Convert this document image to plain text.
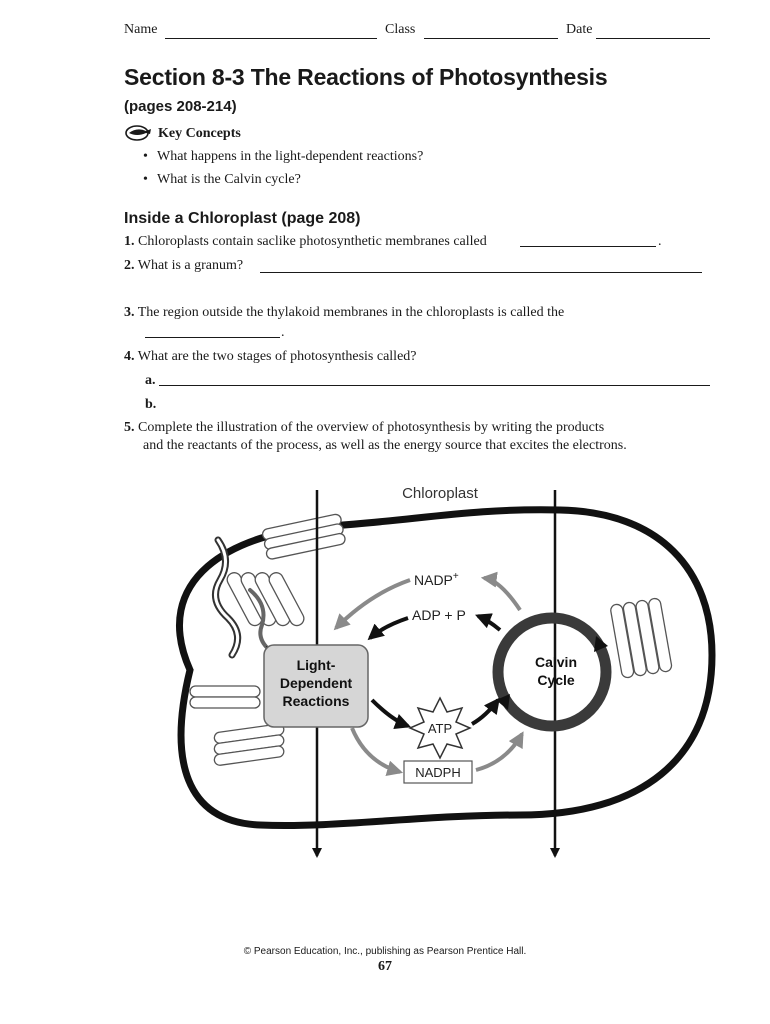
Name	Class	Date
Section 8-3 The Reactions of Photosynthesis
(pages 208-214)
Key Concepts
• What happens in the light-dependent reactions?
• What is the Calvin cycle?
Inside a Chloroplast (page 208)
1. Chloroplasts contain saclike photosynthetic membranes called	.
2. What is a granum?
3. The region outside the thylakoid membranes in the chloroplasts is called the
.
4. What are the two stages of photosynthesis called?
a.
b.
5. Complete the illustration of the overview of photosynthesis by writing the products
and the reactants of the process, as well as the energy source that excites the electrons.
Chloroplast
Light-
Dependent
Reactions
Calvin
Cycle
NADP+
ADP + P
ATP
NADPH
© Pearson Education, Inc., publishing as Pearson Prentice Hall.
67
